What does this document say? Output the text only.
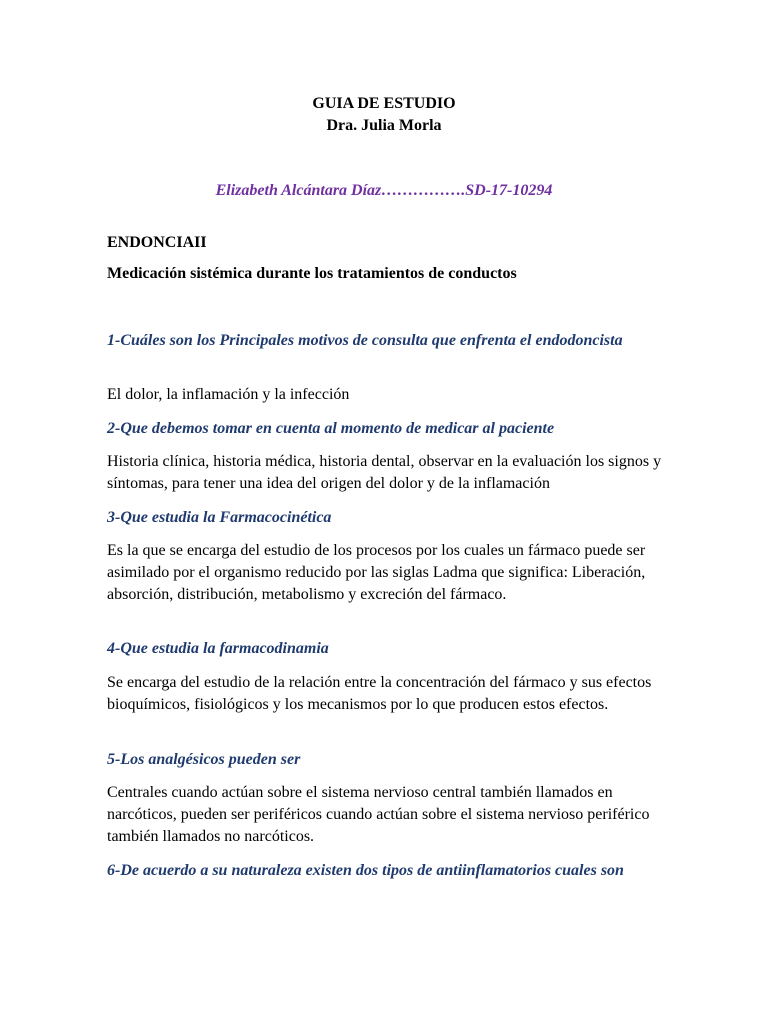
GUIA DE ESTUDIO

Dra. Julia Morla

Elizabeth Alcántara Díaz…………….SD-17-10294

ENDONCIAII

Medicación sistémica durante los tratamientos de conductos

1-Cuáles son los Principales motivos de consulta que enfrenta el endodoncista

El dolor, la inflamación y la infección

2-Que debemos tomar en cuenta al momento de medicar al paciente

Historia clínica, historia médica, historia dental, observar en la evaluación los signos y síntomas, para tener una idea del origen del dolor y de la inflamación

3-Que estudia la Farmacocinética

Es la que se encarga del estudio de los procesos por los cuales un fármaco puede ser asimilado por el organismo reducido por las siglas Ladma que significa: Liberación, absorción, distribución, metabolismo y excreción del fármaco.

4-Que estudia la farmacodinamia

Se encarga del estudio de la relación entre la concentración del fármaco y sus efectos bioquímicos, fisiológicos y los mecanismos por lo que producen estos efectos.

5-Los analgésicos pueden ser

Centrales cuando actúan sobre el sistema nervioso central también llamados en narcóticos, pueden ser periféricos cuando actúan sobre el sistema nervioso periférico también llamados no narcóticos.

6-De acuerdo a su naturaleza existen dos tipos de antiinflamatorios cuales son
